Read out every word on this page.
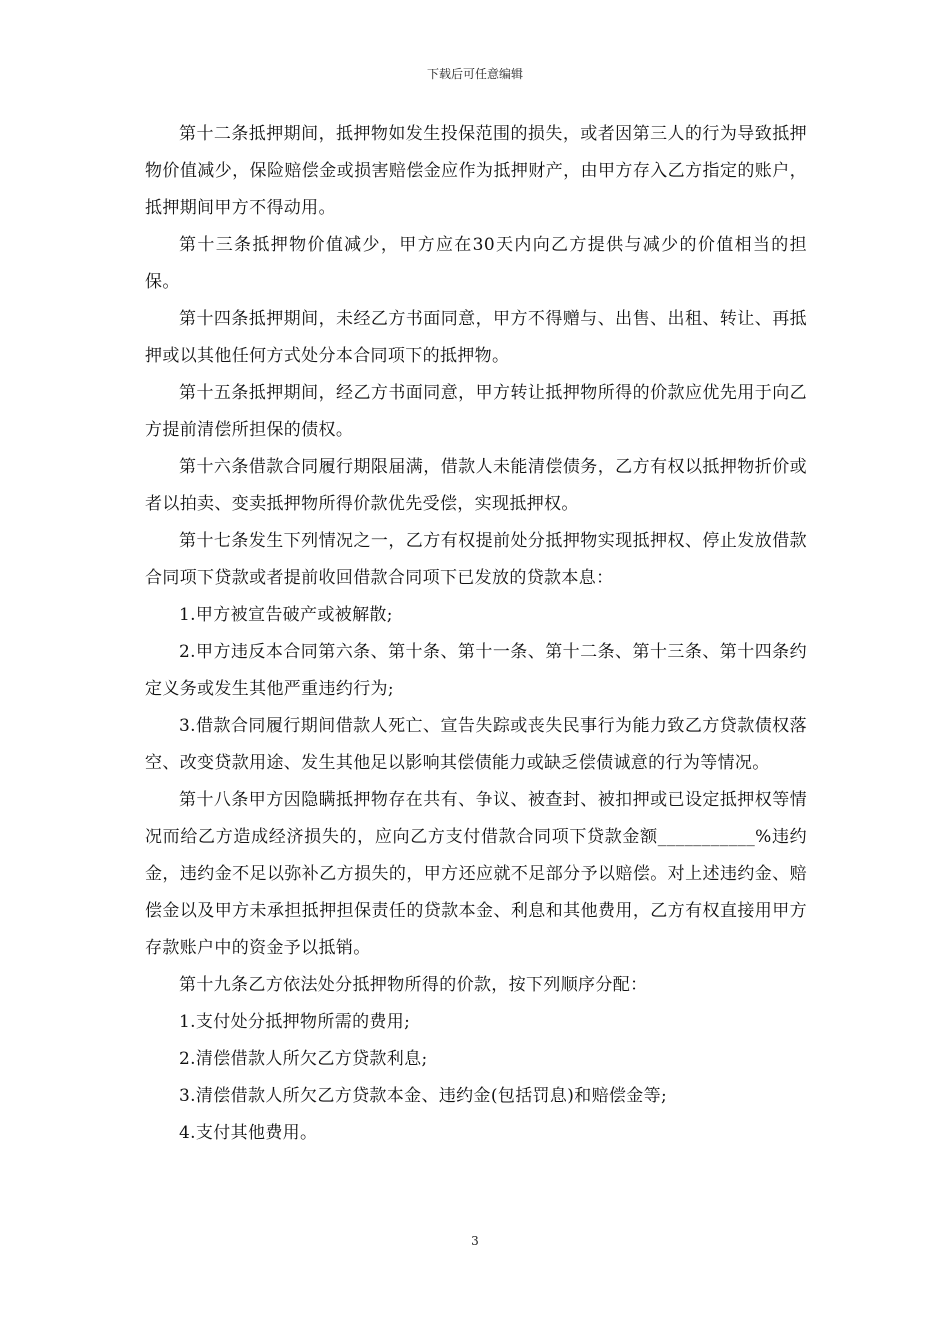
下载后可任意编辑

第十二条抵押期间，抵押物如发生投保范围的损失，或者因第三人的行为导致抵押物价值减少，保险赔偿金或损害赔偿金应作为抵押财产，由甲方存入乙方指定的账户，抵押期间甲方不得动用。

第十三条抵押物价值减少，甲方应在30天内向乙方提供与减少的价值相当的担保。

第十四条抵押期间，未经乙方书面同意，甲方不得赠与、出售、出租、转让、再抵押或以其他任何方式处分本合同项下的抵押物。

第十五条抵押期间，经乙方书面同意，甲方转让抵押物所得的价款应优先用于向乙方提前清偿所担保的债权。

第十六条借款合同履行期限届满，借款人未能清偿债务，乙方有权以抵押物折价或者以拍卖、变卖抵押物所得价款优先受偿，实现抵押权。

第十七条发生下列情况之一，乙方有权提前处分抵押物实现抵押权、停止发放借款合同项下贷款或者提前收回借款合同项下已发放的贷款本息：

1.甲方被宣告破产或被解散;

2.甲方违反本合同第六条、第十条、第十一条、第十二条、第十三条、第十四条约定义务或发生其他严重违约行为;

3.借款合同履行期间借款人死亡、宣告失踪或丧失民事行为能力致乙方贷款债权落空、改变贷款用途、发生其他足以影响其偿债能力或缺乏偿债诚意的行为等情况。

第十八条甲方因隐瞒抵押物存在共有、争议、被查封、被扣押或已设定抵押权等情况而给乙方造成经济损失的，应向乙方支付借款合同项下贷款金额___________%违约金，违约金不足以弥补乙方损失的，甲方还应就不足部分予以赔偿。对上述违约金、赔偿金以及甲方未承担抵押担保责任的贷款本金、利息和其他费用，乙方有权直接用甲方存款账户中的资金予以抵销。

第十九条乙方依法处分抵押物所得的价款，按下列顺序分配：

1.支付处分抵押物所需的费用;

2.清偿借款人所欠乙方贷款利息;

3.清偿借款人所欠乙方贷款本金、违约金(包括罚息)和赔偿金等;

4.支付其他费用。

3
